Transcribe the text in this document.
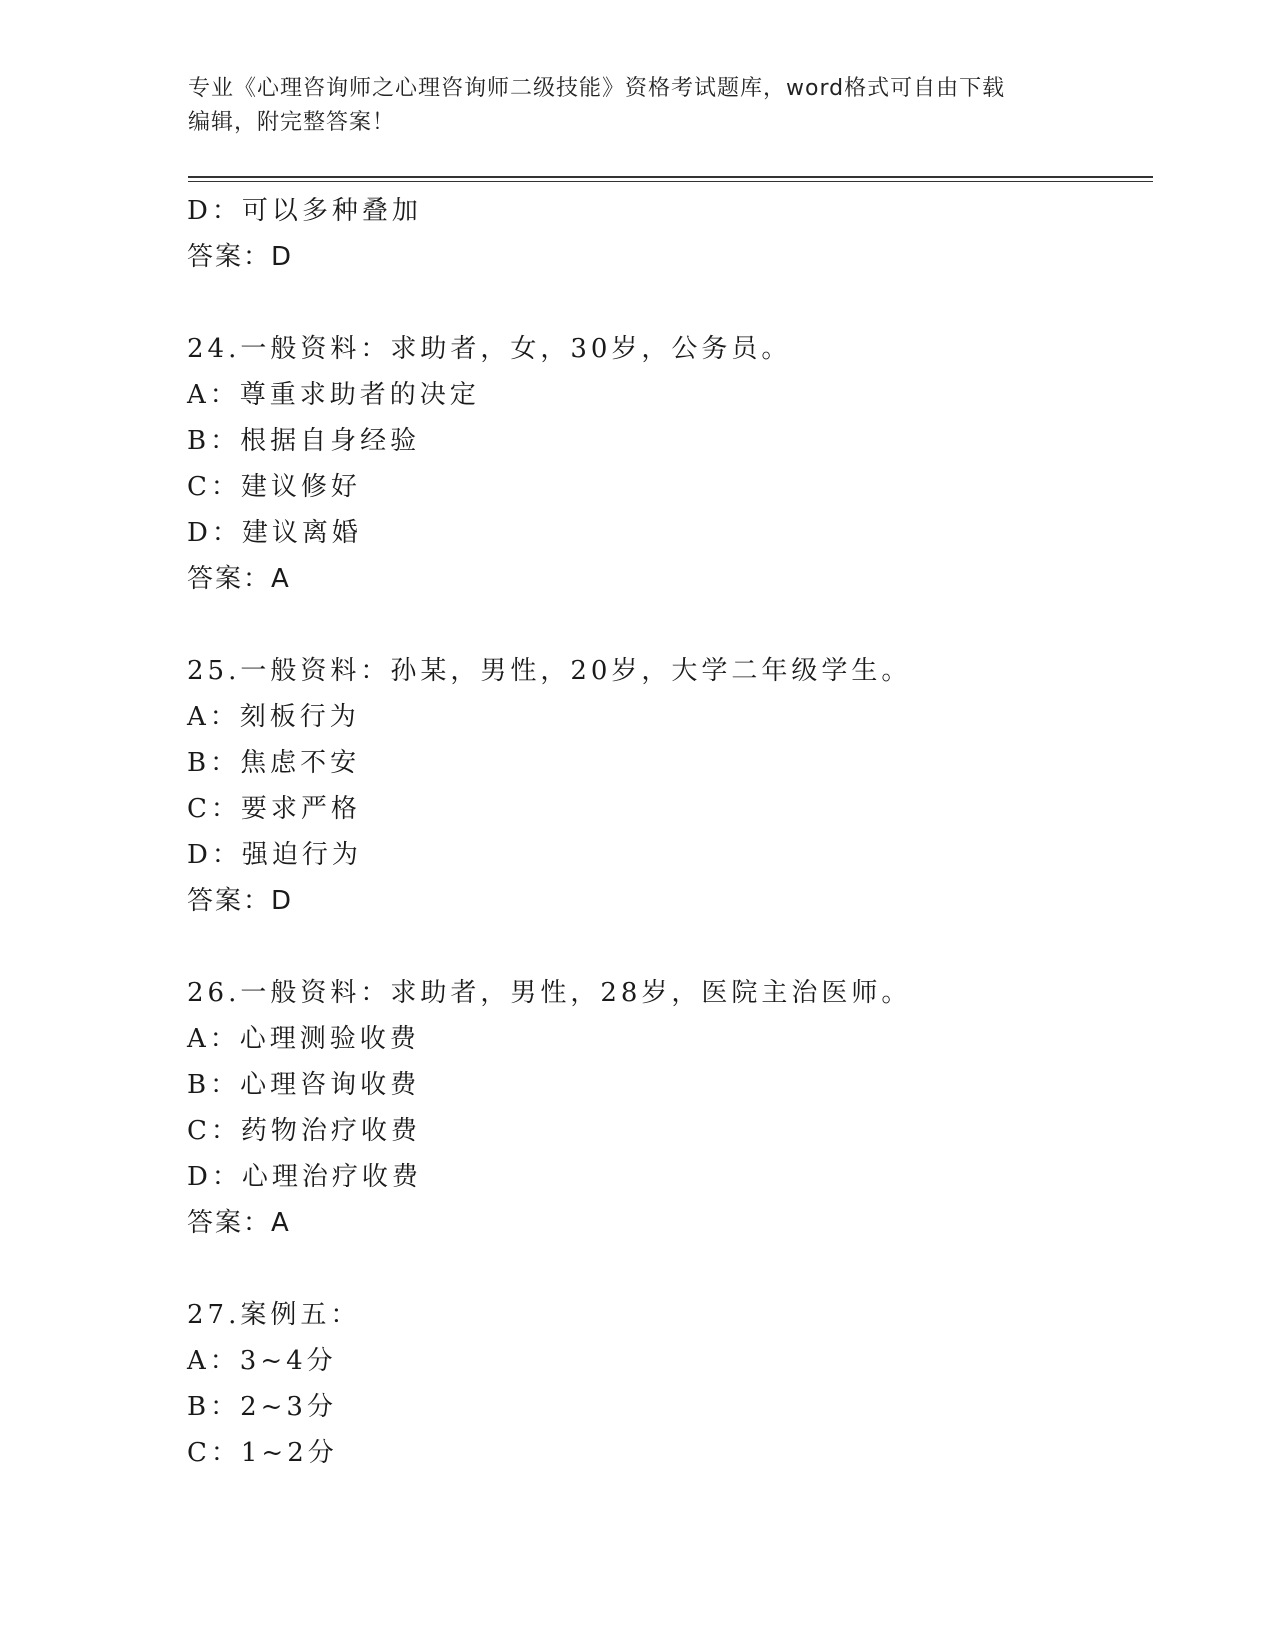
专业《心理咨询师之心理咨询师二级技能》资格考试题库，word格式可自由下载
编辑，附完整答案！
D：可以多种叠加
答案：D
24.一般资料：求助者，女，30岁，公务员。
A：尊重求助者的决定
B：根据自身经验
C：建议修好
D：建议离婚
答案：A
25.一般资料：孙某，男性，20岁，大学二年级学生。
A：刻板行为
B：焦虑不安
C：要求严格
D：强迫行为
答案：D
26.一般资料：求助者，男性，28岁，医院主治医师。
A：心理测验收费
B：心理咨询收费
C：药物治疗收费
D：心理治疗收费
答案：A
27.案例五：
A：3~4分
B：2~3分
C：1~2分
